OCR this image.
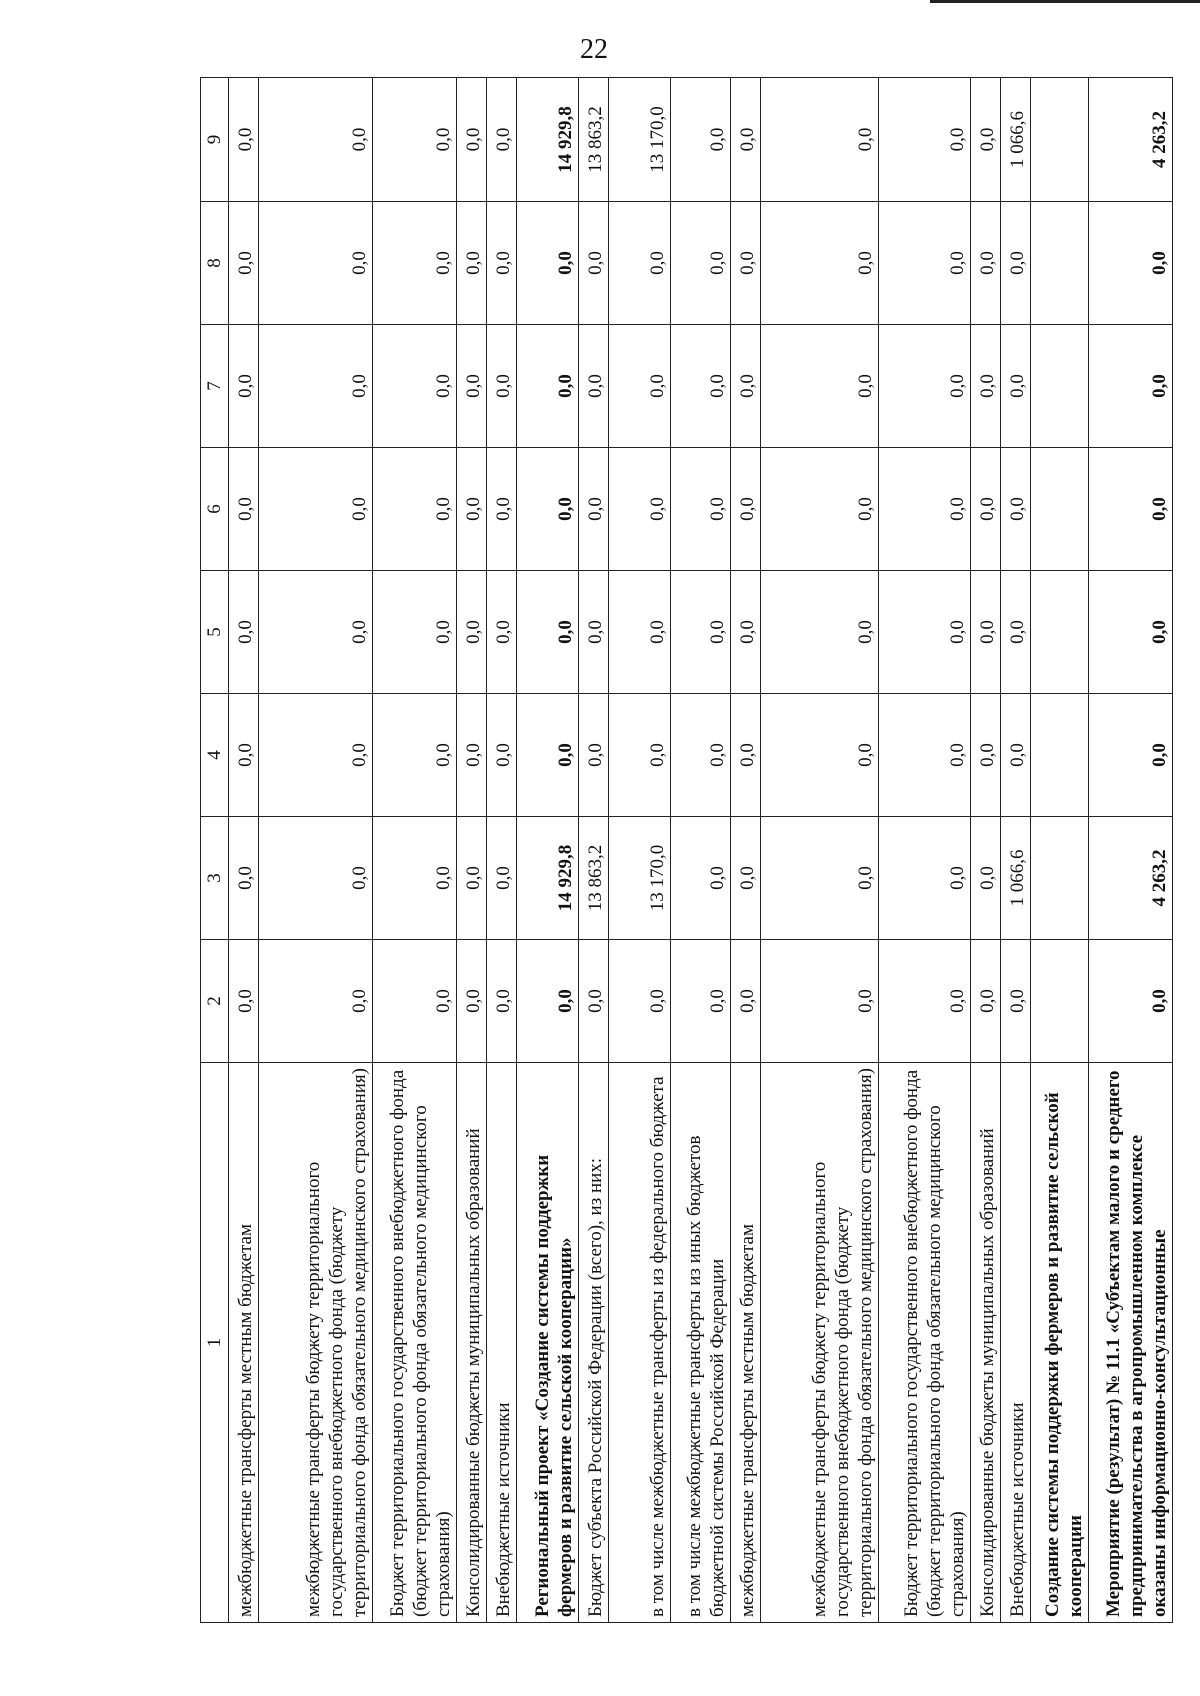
22
1	2	3	4	5	6	7	8	9
межбюджетные трансферты местным бюджетам	0,0	0,0	0,0	0,0	0,0	0,0	0,0	0,0
межбюджетные трансферты бюджету территориального государственного внебюджетного фонда (бюджету территориального фонда обязательного медицинского страхования)	0,0	0,0	0,0	0,0	0,0	0,0	0,0	0,0
Бюджет территориального государственного внебюджетного фонда (бюджет территориального фонда обязательного медицинского страхования)	0,0	0,0	0,0	0,0	0,0	0,0	0,0	0,0
Консолидированные бюджеты муниципальных образований	0,0	0,0	0,0	0,0	0,0	0,0	0,0	0,0
Внебюджетные источники	0,0	0,0	0,0	0,0	0,0	0,0	0,0	0,0
Региональный проект «Создание системы поддержки фермеров и развитие сельской кооперации»	0,0	14 929,8	0,0	0,0	0,0	0,0	0,0	14 929,8
Бюджет субъекта Российской Федерации (всего), из них:	0,0	13 863,2	0,0	0,0	0,0	0,0	0,0	13 863,2
в том числе межбюджетные трансферты из федерального бюджета	0,0	13 170,0	0,0	0,0	0,0	0,0	0,0	13 170,0
в том числе межбюджетные трансферты из иных бюджетов бюджетной системы Российской Федерации	0,0	0,0	0,0	0,0	0,0	0,0	0,0	0,0
межбюджетные трансферты местным бюджетам	0,0	0,0	0,0	0,0	0,0	0,0	0,0	0,0
межбюджетные трансферты бюджету территориального государственного внебюджетного фонда (бюджету территориального фонда обязательного медицинского страхования)	0,0	0,0	0,0	0,0	0,0	0,0	0,0	0,0
Бюджет территориального государственного внебюджетного фонда (бюджет территориального фонда обязательного медицинского страхования)	0,0	0,0	0,0	0,0	0,0	0,0	0,0	0,0
Консолидированные бюджеты муниципальных образований	0,0	0,0	0,0	0,0	0,0	0,0	0,0	0,0
Внебюджетные источники	0,0	1 066,6	0,0	0,0	0,0	0,0	0,0	1 066,6
Создание системы поддержки фермеров и развитие сельской кооперации								
Мероприятие (результат) № 11.1 «Субъектам малого и среднего предпринимательства в агропромышленном комплексе оказаны информационно-консультационные	0,0	4 263,2	0,0	0,0	0,0	0,0	0,0	4 263,2
